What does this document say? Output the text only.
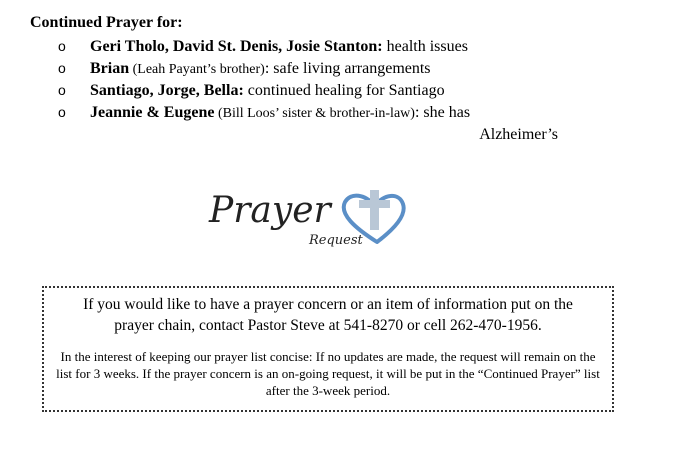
Continued Prayer for:
o Geri Tholo, David St. Denis, Josie Stanton: health issues
o Brian (Leah Payant’s brother): safe living arrangements
o Santiago, Jorge, Bella: continued healing for Santiago
o Jeannie & Eugene (Bill Loos’ sister & brother-in-law): she has
Alzheimer’s
Prayer
Request

If you would like to have a prayer concern or an item of information put on the prayer chain, contact Pastor Steve at 541-8270 or cell 262-470-1956.

In the interest of keeping our prayer list concise: If no updates are made, the request will remain on the list for 3 weeks. If the prayer concern is an on-going request, it will be put in the “Continued Prayer” list after the 3-week period.
